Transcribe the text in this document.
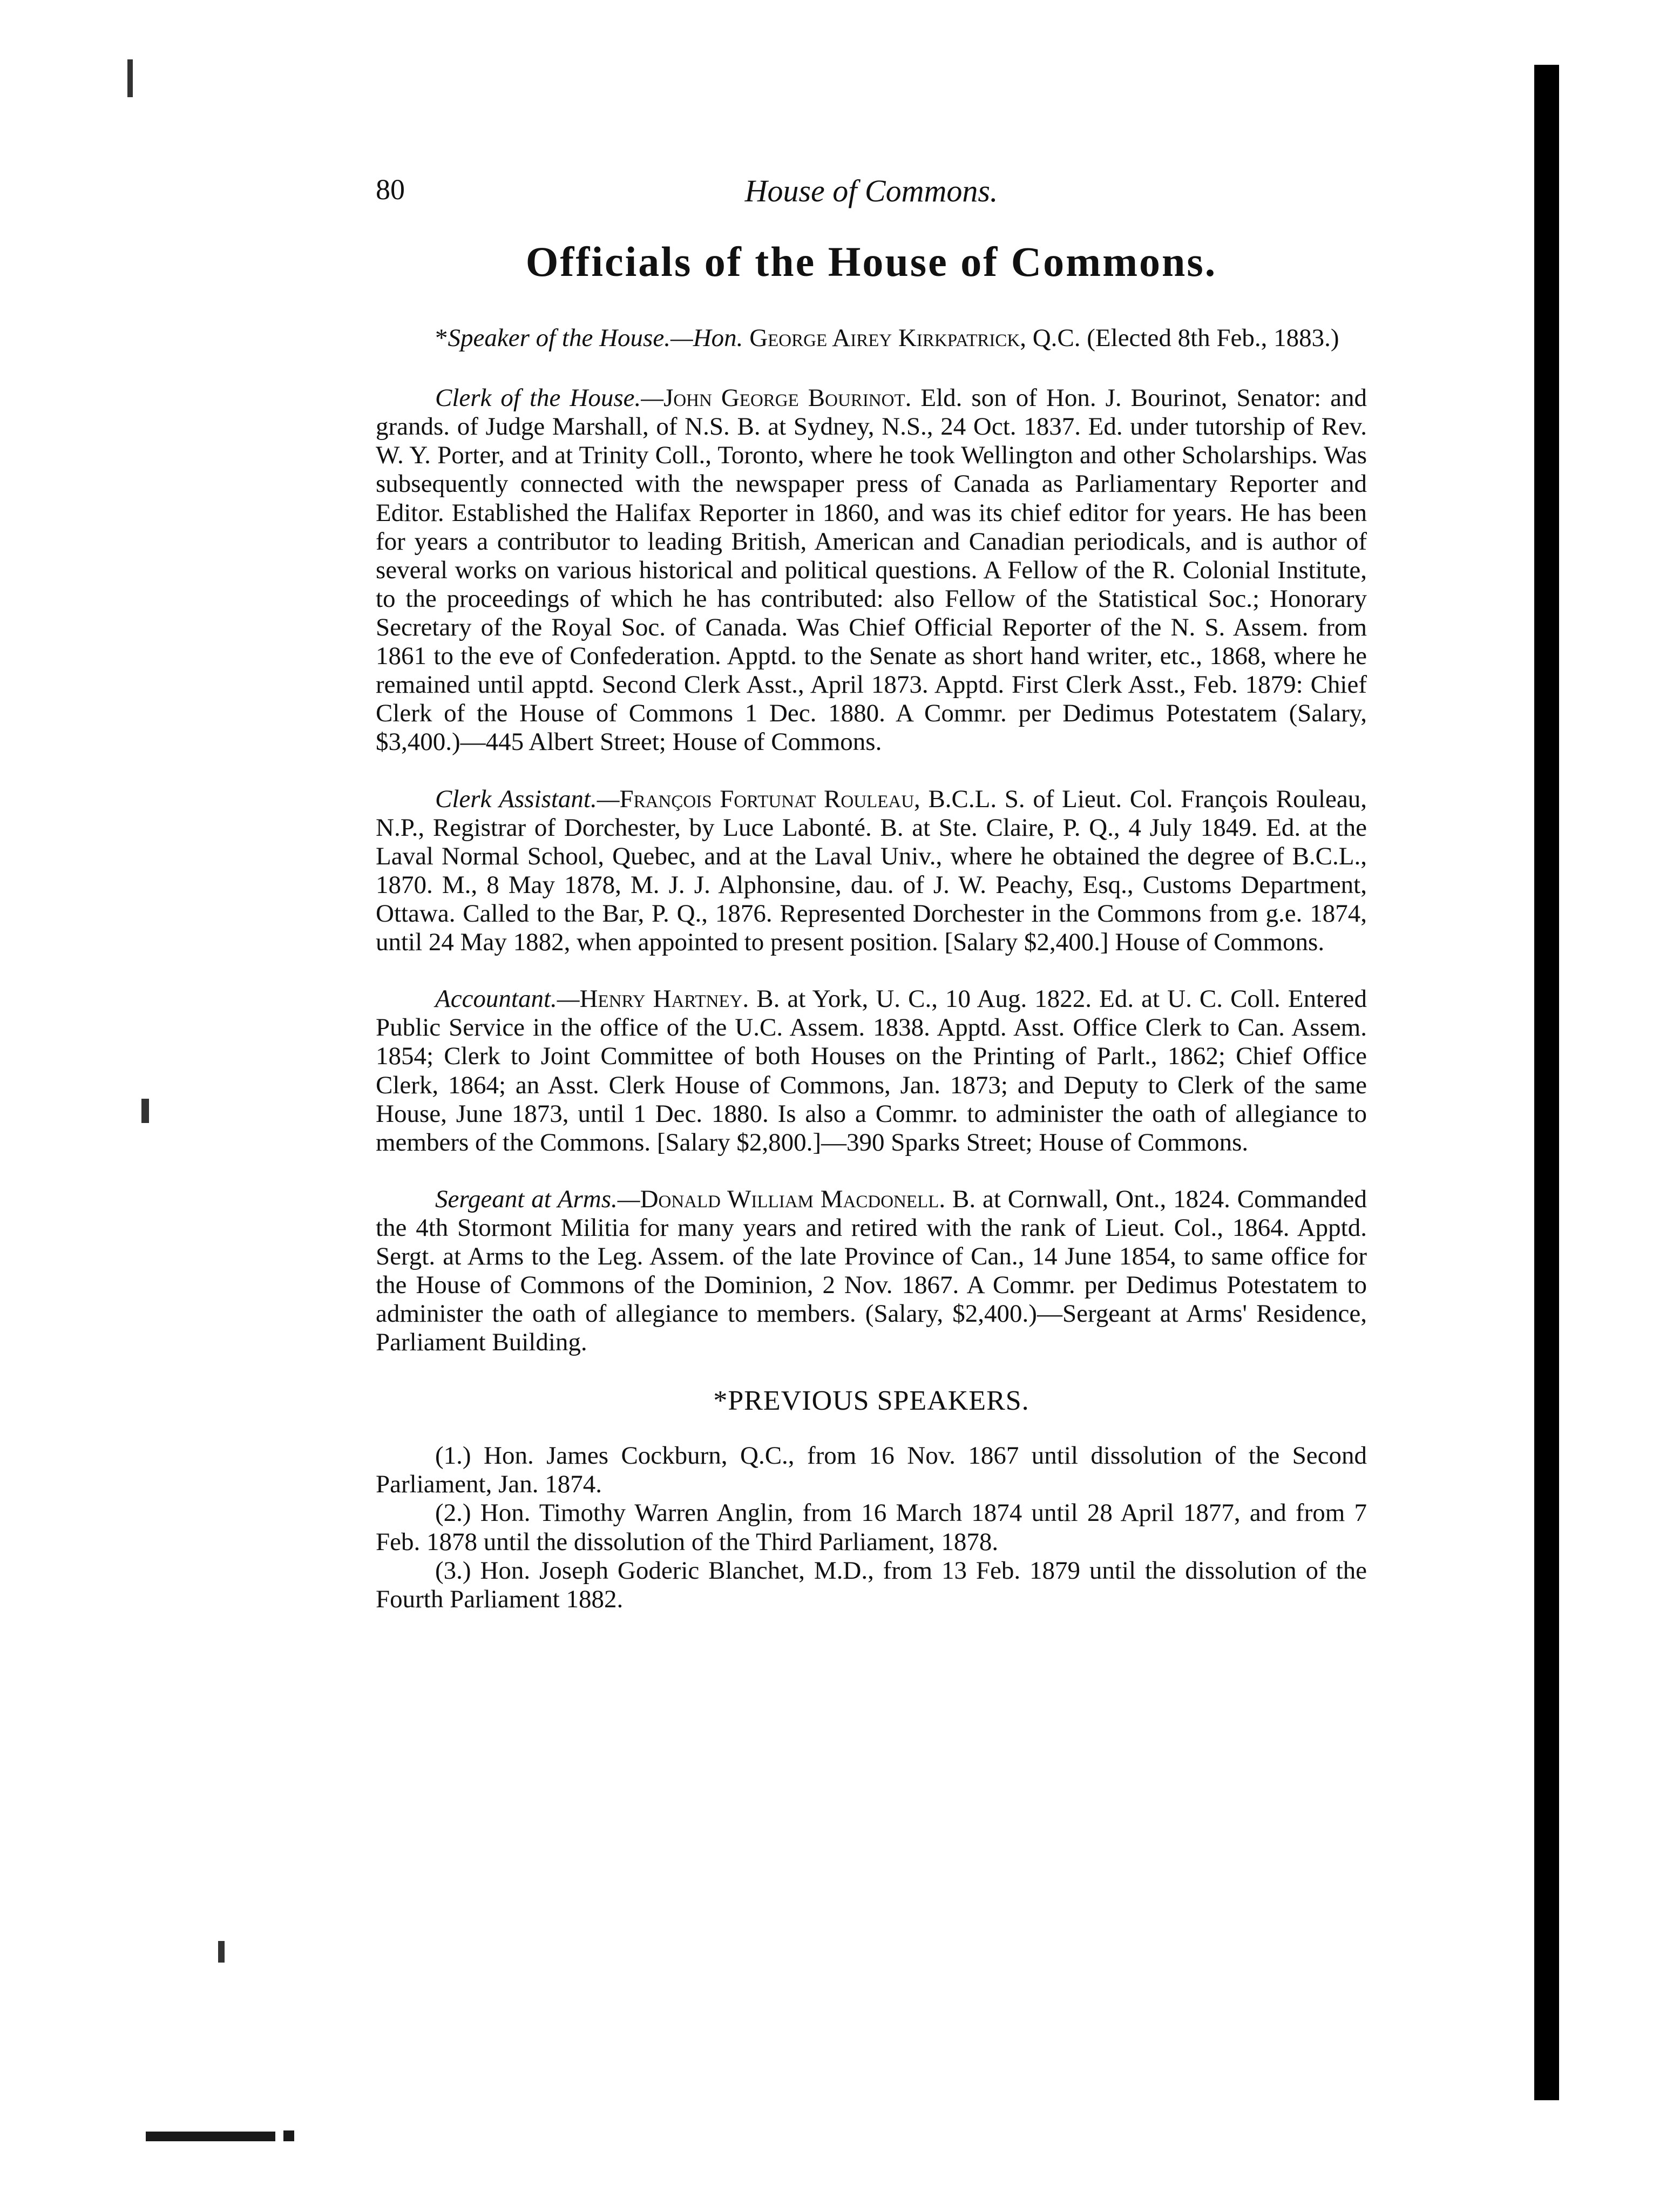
80	House of Commons.
Officials of the House of Commons.

*Speaker of the House.—Hon. George Airey Kirkpatrick, Q.C. (Elected 8th Feb., 1883.)

Clerk of the House.—John George Bourinot. Eld. son of Hon. J. Bourinot, Senator: and grands. of Judge Marshall, of N.S. B. at Sydney, N.S., 24 Oct. 1837. Ed. under tutorship of Rev. W. Y. Porter, and at Trinity Coll., Toronto, where he took Wellington and other Scholarships. Was subsequently connected with the newspaper press of Canada as Parliamentary Reporter and Editor. Established the Halifax Reporter in 1860, and was its chief editor for years. He has been for years a contributor to leading British, American and Canadian periodicals, and is author of several works on various historical and political questions. A Fellow of the R. Colonial Institute, to the proceedings of which he has contributed: also Fellow of the Statistical Soc.; Honorary Secretary of the Royal Soc. of Canada. Was Chief Official Reporter of the N. S. Assem. from 1861 to the eve of Confederation. Apptd. to the Senate as short hand writer, etc., 1868, where he remained until apptd. Second Clerk Asst., April 1873. Apptd. First Clerk Asst., Feb. 1879: Chief Clerk of the House of Commons 1 Dec. 1880. A Commr. per Dedimus Potestatem (Salary, $3,400.)—445 Albert Street; House of Commons.

Clerk Assistant.—François Fortunat Rouleau, B.C.L. S. of Lieut. Col. François Rouleau, N.P., Registrar of Dorchester, by Luce Labonté. B. at Ste. Claire, P. Q., 4 July 1849. Ed. at the Laval Normal School, Quebec, and at the Laval Univ., where he obtained the degree of B.C.L., 1870. M., 8 May 1878, M. J. J. Alphonsine, dau. of J. W. Peachy, Esq., Customs Department, Ottawa. Called to the Bar, P. Q., 1876. Represented Dorchester in the Commons from g.e. 1874, until 24 May 1882, when appointed to present position. [Salary $2,400.] House of Commons.

Accountant.—Henry Hartney. B. at York, U. C., 10 Aug. 1822. Ed. at U. C. Coll. Entered Public Service in the office of the U.C. Assem. 1838. Apptd. Asst. Office Clerk to Can. Assem. 1854; Clerk to Joint Committee of both Houses on the Printing of Parlt., 1862; Chief Office Clerk, 1864; an Asst. Clerk House of Commons, Jan. 1873; and Deputy to Clerk of the same House, June 1873, until 1 Dec. 1880. Is also a Commr. to administer the oath of allegiance to members of the Commons. [Salary $2,800.]—390 Sparks Street; House of Commons.

Sergeant at Arms.—Donald William Macdonell. B. at Cornwall, Ont., 1824. Commanded the 4th Stormont Militia for many years and retired with the rank of Lieut. Col., 1864. Apptd. Sergt. at Arms to the Leg. Assem. of the late Province of Can., 14 June 1854, to same office for the House of Commons of the Dominion, 2 Nov. 1867. A Commr. per Dedimus Potestatem to administer the oath of allegiance to members. (Salary, $2,400.)—Sergeant at Arms' Residence, Parliament Building.

*PREVIOUS SPEAKERS.

(1.) Hon. James Cockburn, Q.C., from 16 Nov. 1867 until dissolution of the Second Parliament, Jan. 1874.

(2.) Hon. Timothy Warren Anglin, from 16 March 1874 until 28 April 1877, and from 7 Feb. 1878 until the dissolution of the Third Parliament, 1878.

(3.) Hon. Joseph Goderic Blanchet, M.D., from 13 Feb. 1879 until the dissolution of the Fourth Parliament 1882.
